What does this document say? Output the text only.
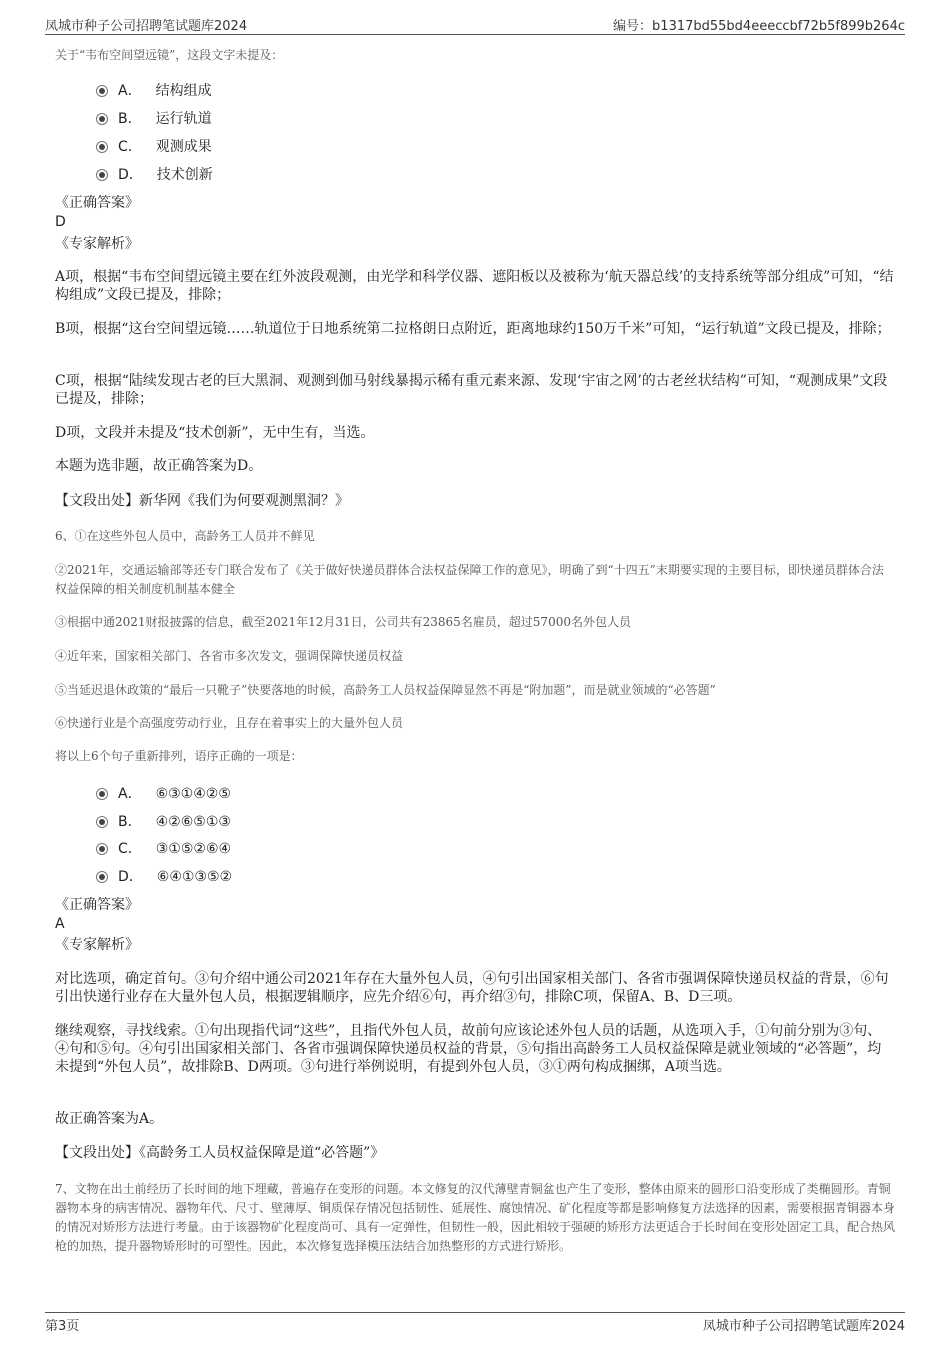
凤城市种子公司招聘笔试题库2024	编号：b1317bd55bd4eeeccbf72b5f899b264c
关于“韦布空间望远镜”，这段文字未提及：
A． 结构组成
B． 运行轨道
C． 观测成果
D． 技术创新
《正确答案》
D
《专家解析》
A项，根据“韦布空间望远镜主要在红外波段观测，由光学和科学仪器、遮阳板以及被称为‘航天器总线’的支持系统等部分组成”可知，“结构组成”文段已提及，排除；
B项，根据“这台空间望远镜……轨道位于日地系统第二拉格朗日点附近，距离地球约150万千米”可知，“运行轨道”文段已提及，排除；
C项，根据“陆续发现古老的巨大黑洞、观测到伽马射线暴揭示稀有重元素来源、发现‘宇宙之网’的古老丝状结构”可知，“观测成果”文段已提及，排除；
D项，文段并未提及“技术创新”，无中生有，当选。
本题为选非题，故正确答案为D。
【文段出处】新华网《我们为何要观测黑洞？》
6、①在这些外包人员中，高龄务工人员并不鲜见
②2021年，交通运输部等还专门联合发布了《关于做好快递员群体合法权益保障工作的意见》，明确了到“十四五”末期要实现的主要目标，即快递员群体合法权益保障的相关制度机制基本健全
③根据中通2021财报披露的信息，截至2021年12月31日，公司共有23865名雇员，超过57000名外包人员
④近年来，国家相关部门、各省市多次发文，强调保障快递员权益
⑤当延迟退休政策的“最后一只靴子”快要落地的时候，高龄务工人员权益保障显然不再是“附加题”，而是就业领域的“必答题”
⑥快递行业是个高强度劳动行业，且存在着事实上的大量外包人员
将以上6个句子重新排列，语序正确的一项是：
A． ⑥③①④②⑤
B． ④②⑥⑤①③
C． ③①⑤②⑥④
D． ⑥④①③⑤②
《正确答案》
A
《专家解析》
对比选项，确定首句。③句介绍中通公司2021年存在大量外包人员，④句引出国家相关部门、各省市强调保障快递员权益的背景，⑥句引出快递行业存在大量外包人员，根据逻辑顺序，应先介绍⑥句，再介绍③句，排除C项，保留A、B、D三项。
继续观察，寻找线索。①句出现指代词“这些”，且指代外包人员，故前句应该论述外包人员的话题，从选项入手，①句前分别为③句、④句和⑤句。④句引出国家相关部门、各省市强调保障快递员权益的背景，⑤句指出高龄务工人员权益保障是就业领域的“必答题”，均未提到“外包人员”，故排除B、D两项。③句进行举例说明，有提到外包人员，③①两句构成捆绑，A项当选。
故正确答案为A。
【文段出处】《高龄务工人员权益保障是道“必答题”》
7、文物在出土前经历了长时间的地下埋藏，普遍存在变形的问题。本文修复的汉代薄壁青铜盆也产生了变形，整体由原来的圆形口沿变形成了类椭圆形。青铜器物本身的病害情况、器物年代、尺寸、壁薄厚、铜质保存情况包括韧性、延展性、腐蚀情况、矿化程度等都是影响修复方法选择的因素，需要根据青铜器本身的情况对矫形方法进行考量。由于该器物矿化程度尚可、具有一定弹性，但韧性一般，因此相较于强硬的矫形方法更适合于长时间在变形处固定工具，配合热风枪的加热，提升器物矫形时的可塑性。因此，本次修复选择模压法结合加热整形的方式进行矫形。
第3页	凤城市种子公司招聘笔试题库2024
